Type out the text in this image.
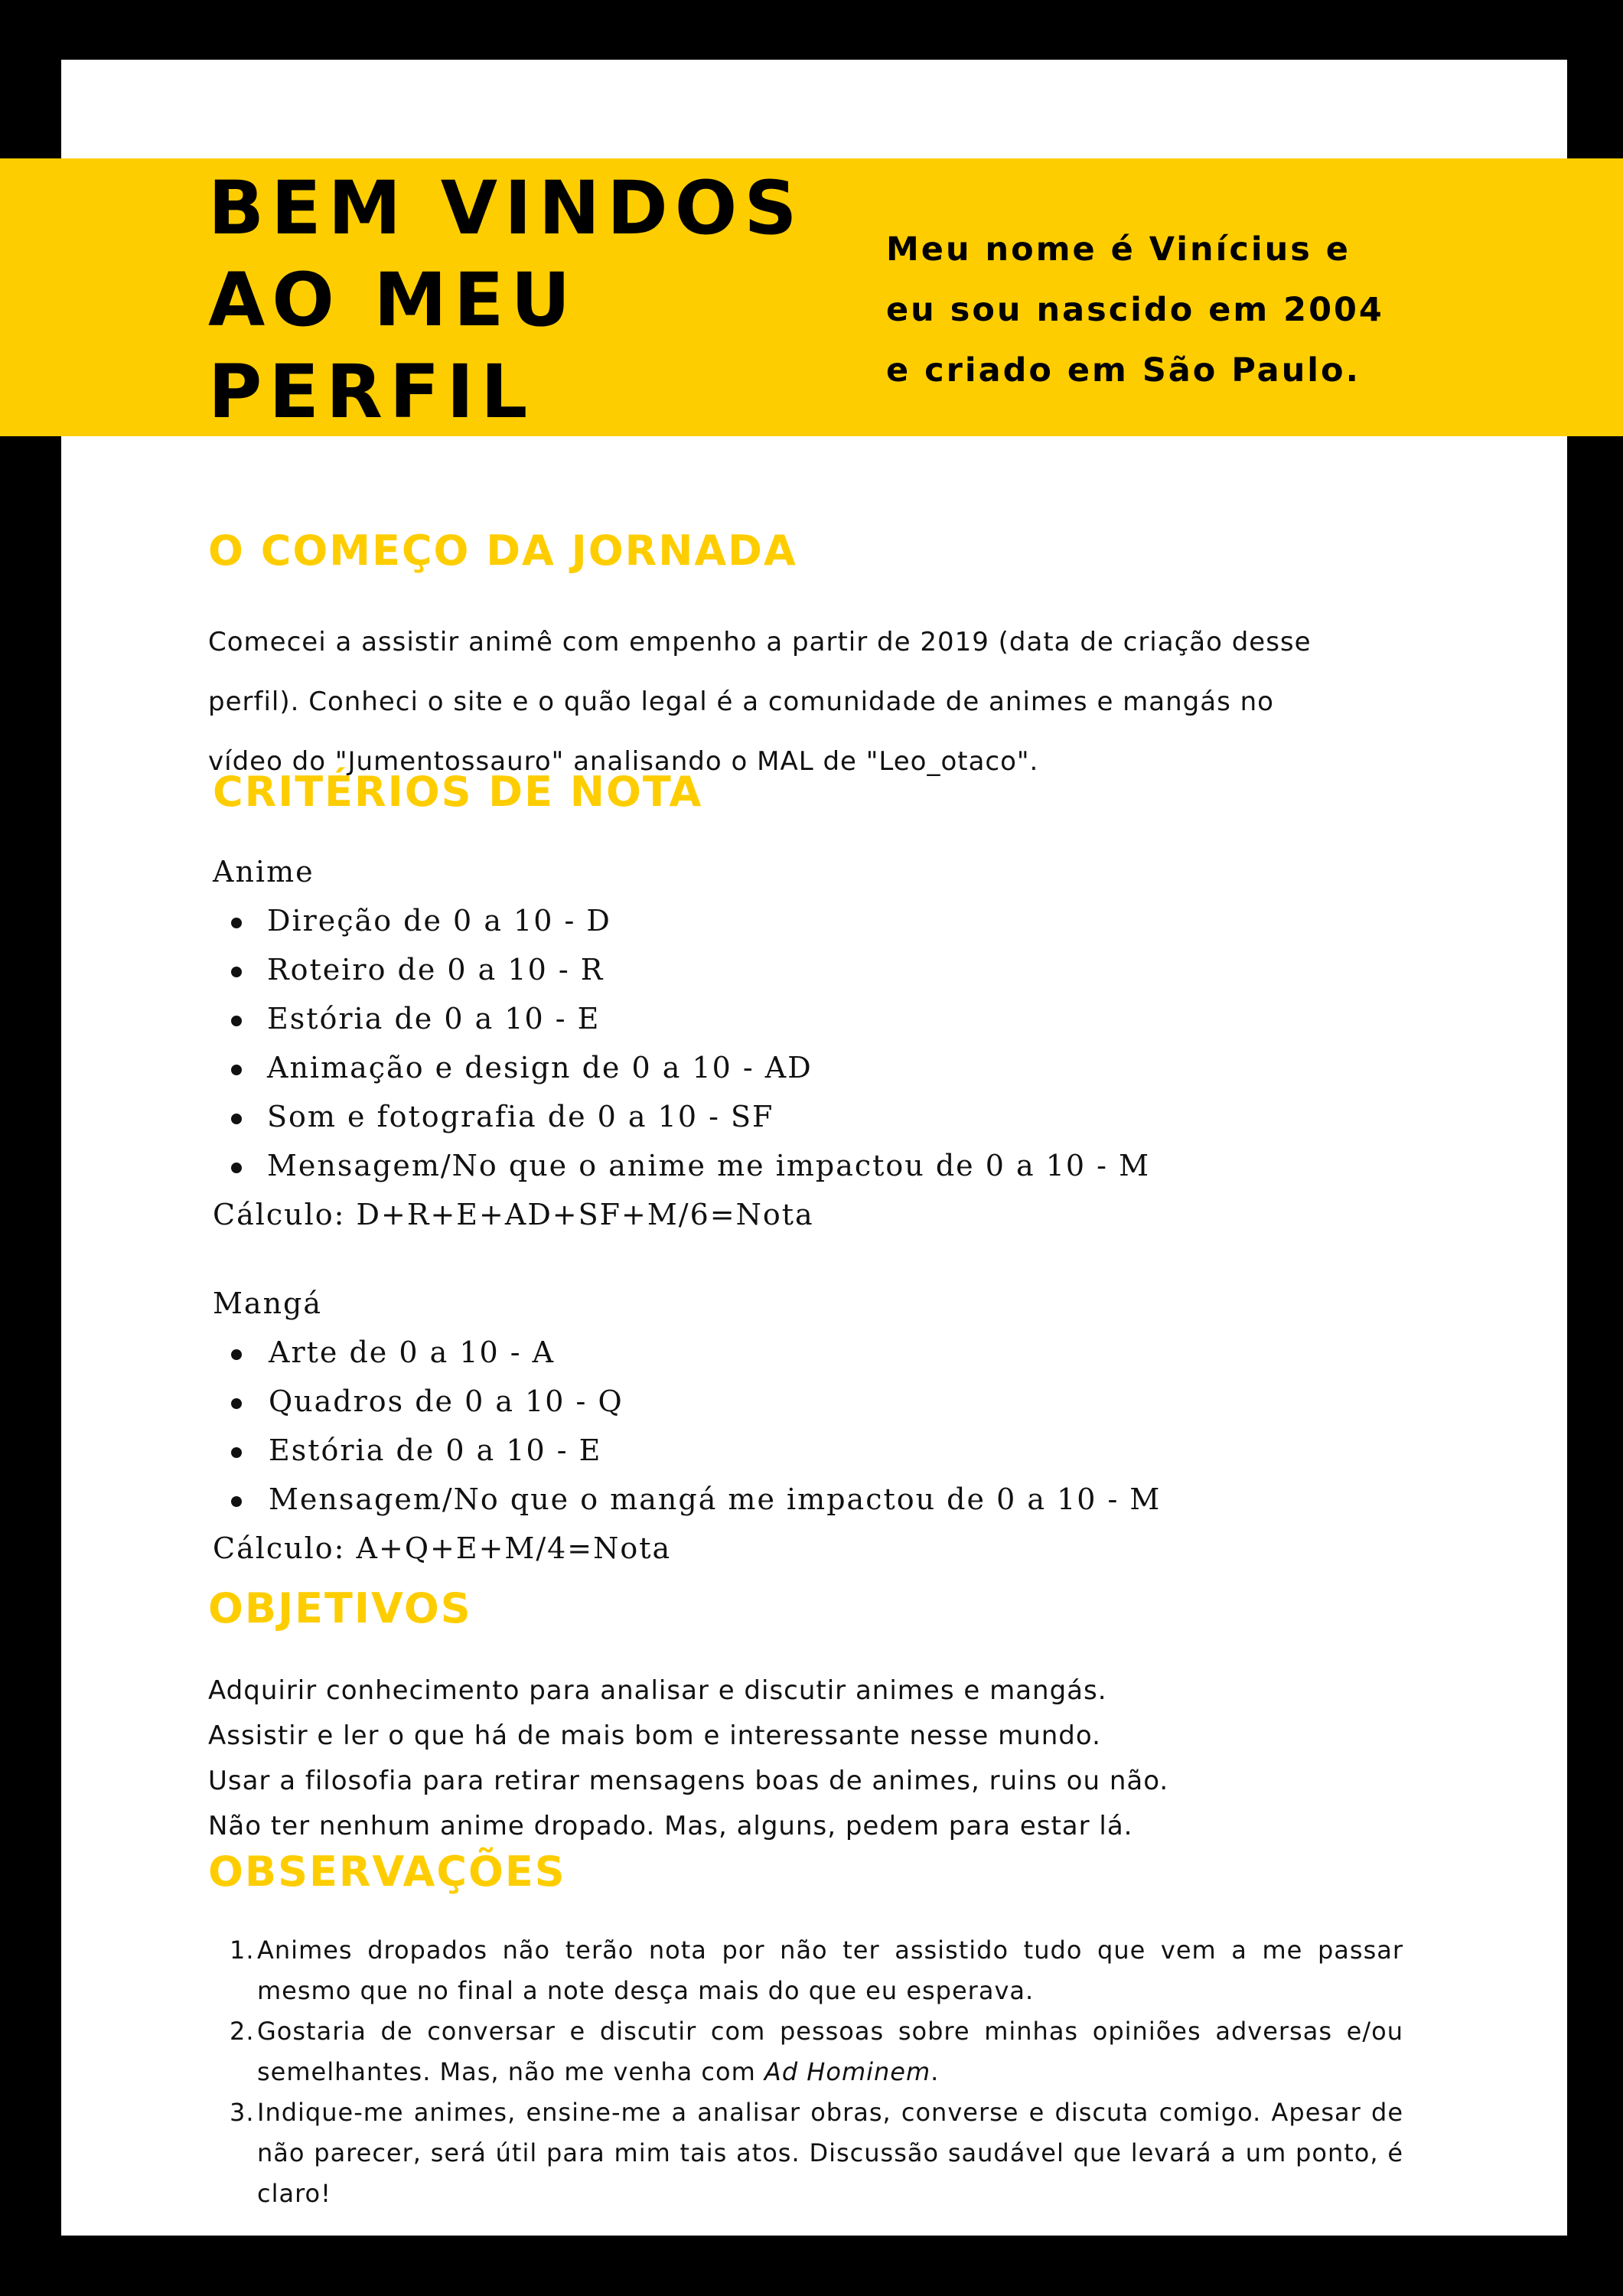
BEM VINDOS
AO MEU
PERFIL
Meu nome é Vinícius e
eu sou nascido em 2004
e criado em São Paulo.
O COMEÇO DA JORNADA
Comecei a assistir animê com empenho a partir de 2019 (data de criação desse
perfil). Conheci o site e o quão legal é a comunidade de animes e mangás no
vídeo do "Jumentossauro" analisando o MAL de "Leo_otaco".
CRITÉRIOS DE NOTA
Anime
Direção de 0 a 10 - D
Roteiro de 0 a 10 - R
Estória de 0 a 10 - E
Animação e design de 0 a 10 - AD
Som e fotografia de 0 a 10 - SF
Mensagem/No que o anime me impactou de 0 a 10 - M
Cálculo: D+R+E+AD+SF+M/6=Nota
Mangá
Arte de 0 a 10 - A
Quadros de 0 a 10 - Q
Estória de 0 a 10 - E
Mensagem/No que o mangá me impactou de 0 a 10 - M
Cálculo: A+Q+E+M/4=Nota
OBJETIVOS
Adquirir conhecimento para analisar e discutir animes e mangás.
Assistir e ler o que há de mais bom e interessante nesse mundo.
Usar a filosofia para retirar mensagens boas de animes, ruins ou não.
Não ter nenhum anime dropado. Mas, alguns, pedem para estar lá.
OBSERVAÇÕES
1. Animes dropados não terão nota por não ter assistido tudo que vem a me passar mesmo que no final a note desça mais do que eu esperava.
2. Gostaria de conversar e discutir com pessoas sobre minhas opiniões adversas e/ou semelhantes. Mas, não me venha com Ad Hominem.
3. Indique-me animes, ensine-me a analisar obras, converse e discuta comigo. Apesar de não parecer, será útil para mim tais atos. Discussão saudável que levará a um ponto, é claro!
